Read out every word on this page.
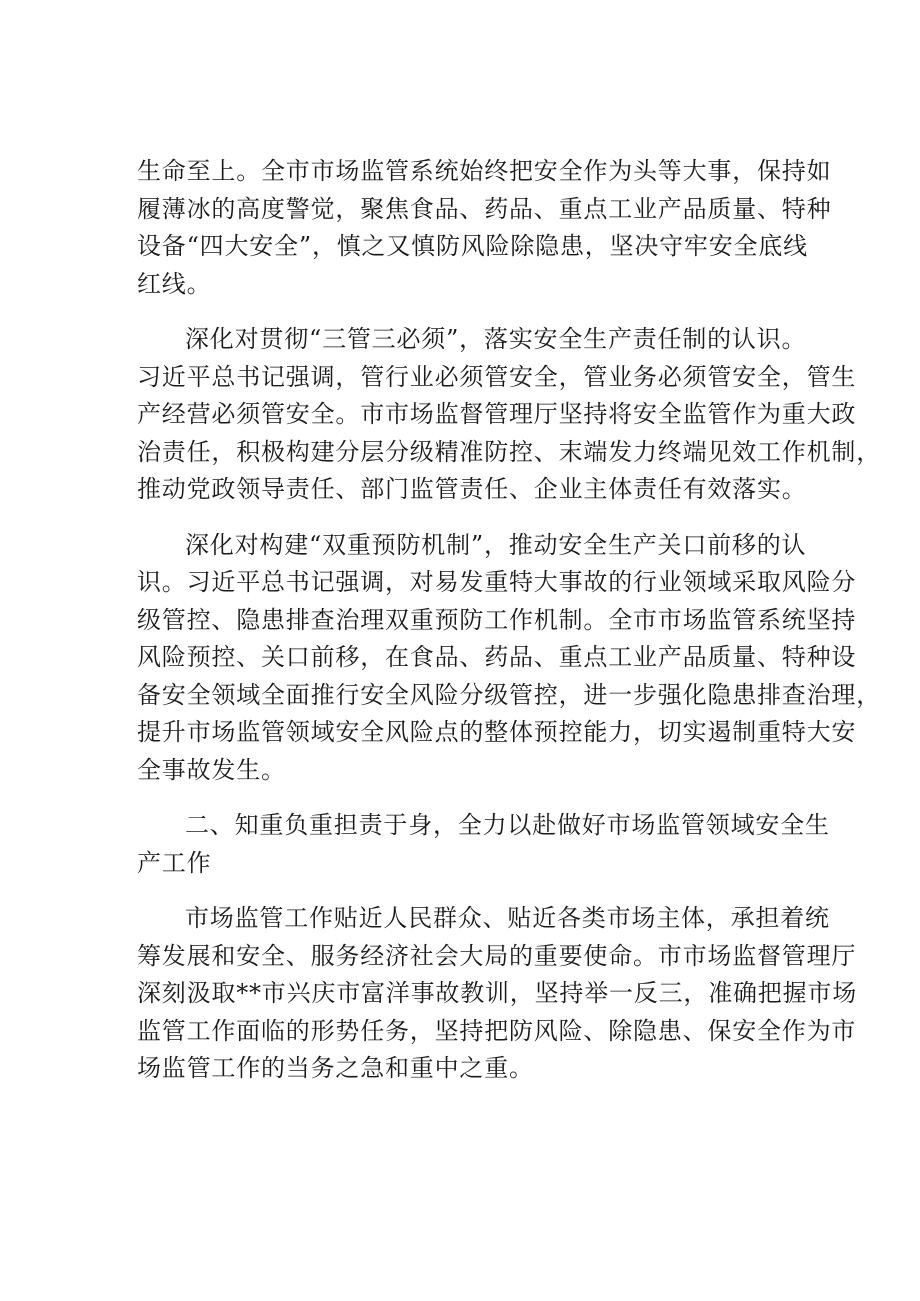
生命至上。全市市场监管系统始终把安全作为头等大事，保持如
履薄冰的高度警觉，聚焦食品、药品、重点工业产品质量、特种
设备“四大安全”，慎之又慎防风险除隐患，坚决守牢安全底线
红线。

深化对贯彻“三管三必须”，落实安全生产责任制的认识。
习近平总书记强调，管行业必须管安全，管业务必须管安全，管生
产经营必须管安全。市市场监督管理厅坚持将安全监管作为重大政
治责任，积极构建分层分级精准防控、末端发力终端见效工作机制，
推动党政领导责任、部门监管责任、企业主体责任有效落实。

深化对构建“双重预防机制”，推动安全生产关口前移的认
识。习近平总书记强调，对易发重特大事故的行业领域采取风险分
级管控、隐患排查治理双重预防工作机制。全市市场监管系统坚持
风险预控、关口前移，在食品、药品、重点工业产品质量、特种设
备安全领域全面推行安全风险分级管控，进一步强化隐患排查治理，
提升市场监管领域安全风险点的整体预控能力，切实遏制重特大安
全事故发生。

二、知重负重担责于身，全力以赴做好市场监管领域安全生
产工作

市场监管工作贴近人民群众、贴近各类市场主体，承担着统
筹发展和安全、服务经济社会大局的重要使命。市市场监督管理厅
深刻汲取**市兴庆市富洋事故教训，坚持举一反三，准确把握市场
监管工作面临的形势任务，坚持把防风险、除隐患、保安全作为市
场监管工作的当务之急和重中之重。
